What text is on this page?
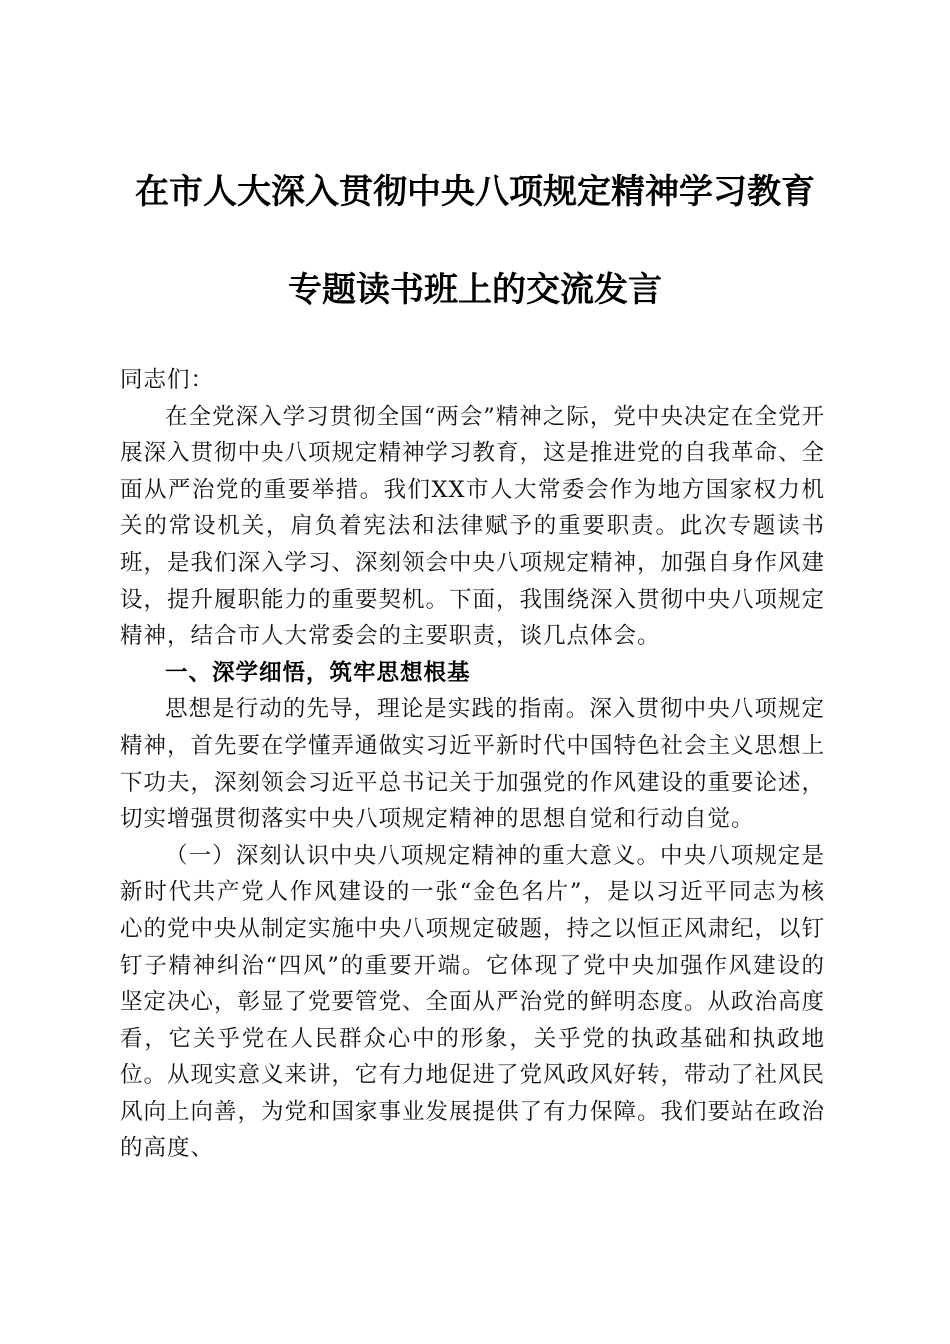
在市人大深入贯彻中央八项规定精神学习教育
专题读书班上的交流发言

同志们：

在全党深入学习贯彻全国“两会”精神之际，党中央决定在全党开展深入贯彻中央八项规定精神学习教育，这是推进党的自我革命、全面从严治党的重要举措。我们XX市人大常委会作为地方国家权力机关的常设机关，肩负着宪法和法律赋予的重要职责。此次专题读书班，是我们深入学习、深刻领会中央八项规定精神，加强自身作风建设，提升履职能力的重要契机。下面，我围绕深入贯彻中央八项规定精神，结合市人大常委会的主要职责，谈几点体会。

一、深学细悟，筑牢思想根基

思想是行动的先导，理论是实践的指南。深入贯彻中央八项规定精神，首先要在学懂弄通做实习近平新时代中国特色社会主义思想上下功夫，深刻领会习近平总书记关于加强党的作风建设的重要论述，切实增强贯彻落实中央八项规定精神的思想自觉和行动自觉。

（一）深刻认识中央八项规定精神的重大意义。中央八项规定是新时代共产党人作风建设的一张“金色名片”，是以习近平同志为核心的党中央从制定实施中央八项规定破题，持之以恒正风肃纪，以钉钉子精神纠治“四风”的重要开端。它体现了党中央加强作风建设的坚定决心，彰显了党要管党、全面从严治党的鲜明态度。从政治高度看，它关乎党在人民群众心中的形象，关乎党的执政基础和执政地位。从现实意义来讲，它有力地促进了党风政风好转，带动了社风民风向上向善，为党和国家事业发展提供了有力保障。我们要站在政治的高度、
